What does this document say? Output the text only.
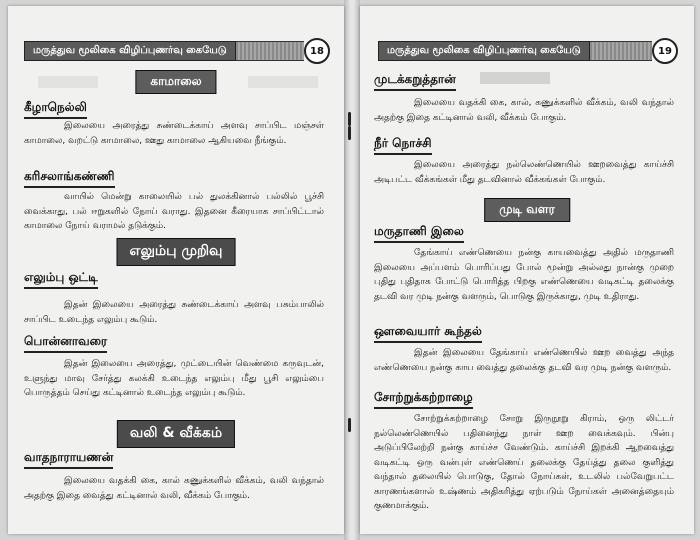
மருத்துவ மூலிகை விழிப்புணர்வு கையேடு	18
காமாலை
கீழாநெல்லி
இலையை அரைத்து சுண்டைக்காய் அளவு சாப்பிட மஞ்சள் காமாலை, வறட்டு காமாலை, ஊது காமாலை ஆகியவை நீங்கும்.
கரிசலாங்கண்ணி
வாயில் மென்று காலையில் பல் துலக்கினால் பல்லில் பூச்சி வைக்காது, பல் ஈறுகளில் நோய் வராது. இதனை கீரையாக சாப்பிட்டால் காமாலை நோய் வராமல் தடுக்கும்.
எலும்பு முறிவு
எலும்பு ஒட்டி
இதன் இலையை அரைத்து சுண்டைக்காய் அளவு பசும்பாலில் சாப்பிட உடைந்த எலும்பு கூடும்.
பொன்னாவரை
இதன் இலையை அரைத்து, முட்டையின் வெண்மை கருவுடன், உளுந்து மாவு சேர்த்து கலக்கி உடைந்த எலும்பு மீது பூசி எலும்பை பொருத்தம் செய்து கட்டினால் உடைந்த எலும்பு கூடும்.
வலி & வீக்கம்
வாதநாராயணன்
இலையை வதக்கி கை, கால் கணுக்களில் வீக்கம், வலி வந்தால் அதற்கு இதை வைத்து கட்டினால் வலி, வீக்கம் போகும்.
மருத்துவ மூலிகை விழிப்புணர்வு கையேடு	19
முடக்கறுத்தான்
இலையை வதக்கி கை, கால், கணுக்களில் வீக்கம், வலி வந்தால் அதற்கு இதை கட்டினால் வலி, வீக்கம் போகும்.
நீர் நொச்சி
இலையை அரைத்து நல்லெண்ணெயில் ஊறவைத்து காய்ச்சி அடிபட்ட வீக்கங்கள் மீது தடவினால் வீக்கங்கள் போகும்.
முடி வளர
மருதாணி இலை
தேங்காய் எண்ணெயை நன்கு காயவைத்து அதில் மருதாணி இலையை அப்பளம் பொரிப்பது போல் மூன்று அல்லது நான்கு முறை புதிது புதிதாக போட்டு பொரித்த பிறகு எண்ணெயை வடிகட்டி தலைக்கு தடவி வர முடி நன்கு வளரும், பொடுகு இருக்காது, முடி உதிராது.
ஔவையார் கூந்தல்
இதன் இலையை தேங்காய் எண்ணெயில் ஊற வைத்து அந்த எண்ணெயை நன்கு காய வைத்து தலைக்கு தடவி வர முடி நன்கு வளரும்.
சோற்றுக்கற்றாழை
சோற்றுக்கற்றாழை சோறு இருநூறு கிராம், ஒரு லிட்டர் நல்லெண்ணெயில் பதினைந்து நாள் ஊற வைக்கவும். பின்பு அடுப்பிலேற்றி நன்கு காய்ச்ச வேண்டும். காய்ச்சி இறக்கி ஆறவைத்து வடிகட்டி ஒரு வன்புள் எண்ணெய் தலைக்கு தேய்த்து தலை குளித்து வந்தால் தலையில் பொடுகு, தோல் நோய்கள், உடலில் பல்வேறுபட்ட காரணங்களால் உஷ்ணம் அதிகரித்து ஏற்படும் நோய்கள் அனைத்தையும் குணமாக்கும்.
